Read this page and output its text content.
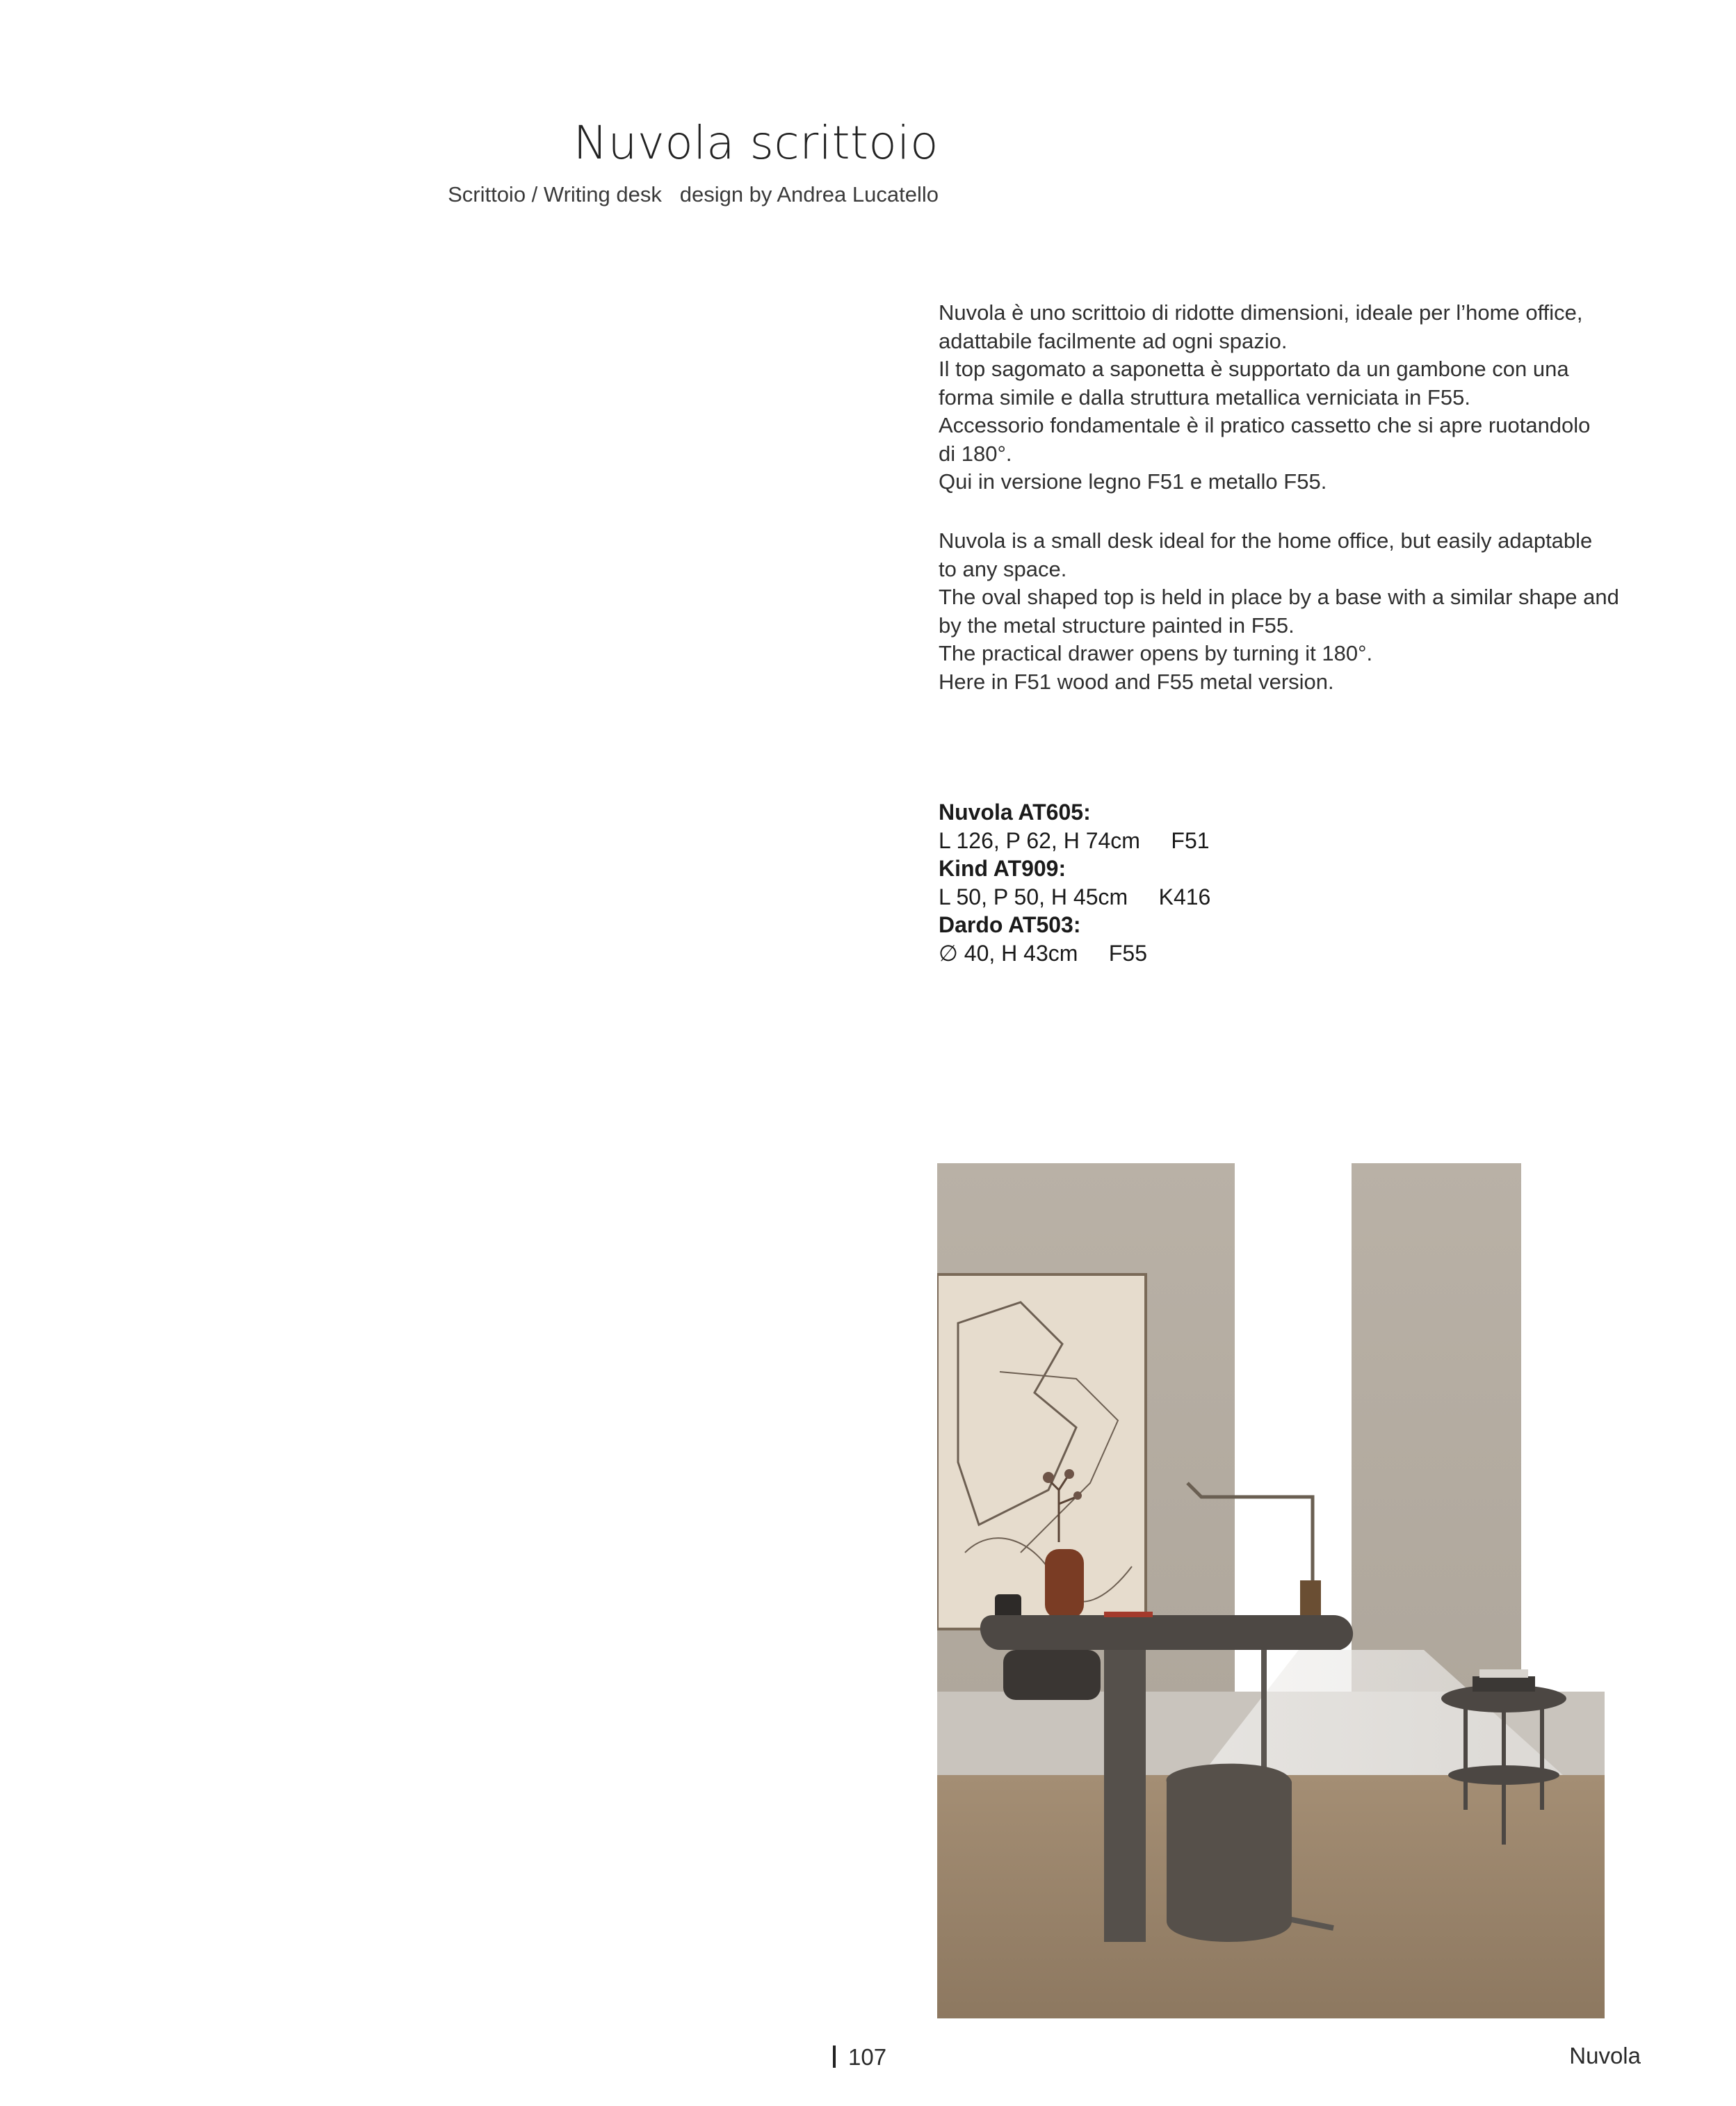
Nuvola scrittoio
Scrittoio / Writing desk   design by Andrea Lucatello

Nuvola è uno scrittoio di ridotte dimensioni, ideale per l’home office,

adattabile facilmente ad ogni spazio.

Il top sagomato a saponetta è supportato da un gambone con una

forma simile e dalla struttura metallica verniciata in F55.

Accessorio fondamentale è il pratico cassetto che si apre ruotandolo

di 180°.

Qui in versione legno F51 e metallo F55.

Nuvola is a small desk ideal for the home office, but easily adaptable

to any space.

The oval shaped top is held in place by a base with a similar shape and

by the metal structure painted in F55.

The practical drawer opens by turning it 180°.

Here in F51 wood and F55 metal version.

Nuvola AT605:

L 126, P 62, H 74cm F51

Kind AT909:

L 50, P 50, H 45cm K416

Dardo AT503:

∅ 40, H 43cm F55

107	Nuvola
